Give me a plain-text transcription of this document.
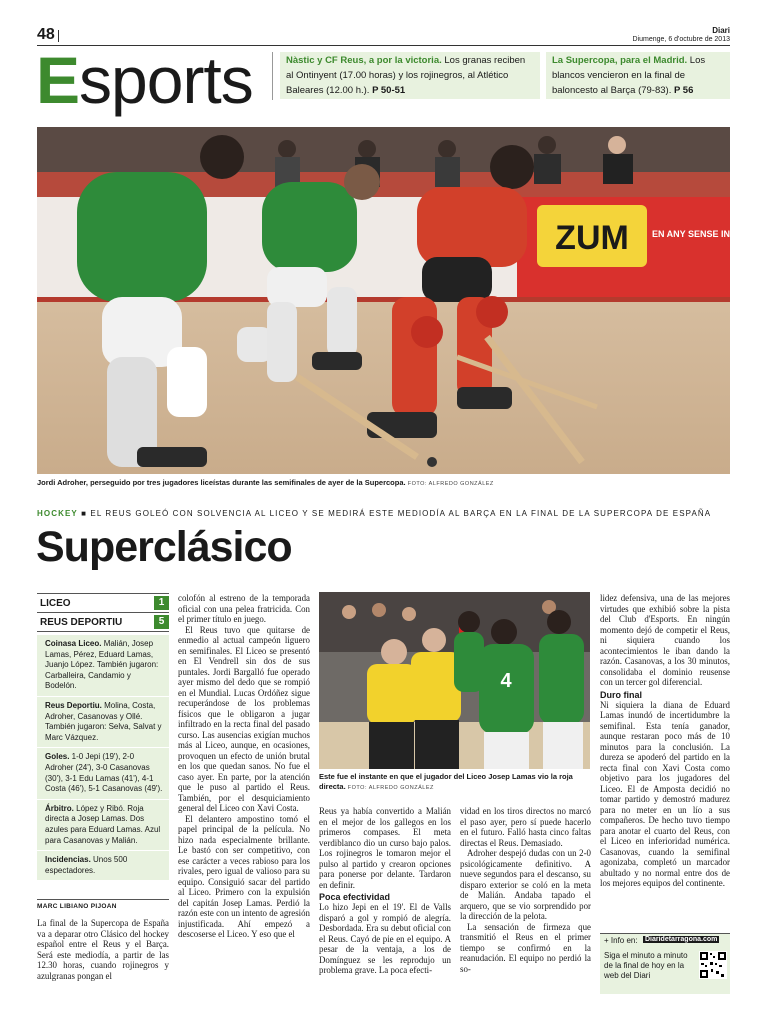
48	Diari
Diumenge, 6 d'octubre de 2013
Esports	Nàstic y CF Reus, a por la victoria. Los granas reciben al Ontinyent (17.00 horas) y los rojinegros, al Atlético Baleares (12.00 h.). P 50-51
La Supercopa, para el Madrid. Los blancos vencieron en la final de baloncesto al Barça (79-83). P 56
ZUM	EN ANY SENSE INSECTES
Jordi Adroher, perseguido por tres jugadores liceístas durante las semifinales de ayer de la Supercopa. FOTO: ALFREDO GONZÁLEZ
HOCKEY ■ EL REUS GOLEÓ CON SOLVENCIA AL LICEO Y SE MEDIRÁ ESTE MEDIODÍA AL BARÇA EN LA FINAL DE LA SUPERCOPA DE ESPAÑA
Superclásico
LICEO	1
REUS DEPORTIU	5
Coinasa Liceo. Malián, Josep Lamas, Pérez, Eduard Lamas, Juanjo López. También jugaron: Carballeira, Candamio y Bodelón.
Reus Deportiu. Molina, Costa, Adroher, Casanovas y Ollé. También jugaron: Selva, Salvat y Marc Vázquez.
Goles. 1-0 Jepi (19'), 2-0 Adroher (24'), 3-0 Casanovas (30'), 3-1 Edu Lamas (41'), 4-1 Costa (46'), 5-1 Casanovas (49').
Árbitro. López y Ribó. Roja directa a Josep Lamas. Dos azules para Eduard Lamas. Azul para Casanovas y Malián.
Incidencias. Unos 500 espectadores.
MARC LIBIANO PIJOAN

La final de la Supercopa de España va a deparar otro Clásico del hockey español entre el Reus y el Barça. Será este mediodía, a partir de las 12.30 horas, cuando rojinegros y azulgranas pongan el

colofón al estreno de la temporada oficial con una pelea fratricida. Con el primer título en juego.

El Reus tuvo que quitarse de enmedio al actual campeón liguero en semifinales. El Liceo se presentó en El Vendrell sin dos de sus puntales. Jordi Bargalló fue operado ayer mismo del dedo que se rompió en el Mundial. Lucas Ordóñez sigue recuperándose de los problemas físicos que le obligaron a jugar infiltrado en la recta final del pasado curso. Las ausencias exigían muchos más al Liceo, aunque, en ocasiones, provoquen un efecto de unión brutal en los que quedan sanos. No fue el caso ayer. En parte, por la atención que le puso al partido el Reus. También, por el desquiciamiento general del Liceo con Xavi Costa.

El delantero ampostino tomó el papel principal de la película. No hizo nada especialmente brillante. Le bastó con ser competitivo, con ese carácter a veces rabioso para los rivales, pero igual de valioso para su equipo. Consiguió sacar del partido al Liceo. Primero con la expulsión del capitán Josep Lamas. Perdió la razón este con un intento de agresión injustificada. Ahí empezó a descoserse el Liceo. Y eso que el

4
Este fue el instante en que el jugador del Liceo Josep Lamas vio la roja directa. FOTO: ALFREDO GONZÁLEZ

Reus ya había convertido a Malián en el mejor de los gallegos en los primeros compases. El meta verdiblanco dio un curso bajo palos. Los rojinegros le tomaron mejor el pulso al partido y crearon opciones para ponerse por delante. Tardaron en definir.

Poca efectividad

Lo hizo Jepi en el 19'. El de Valls disparó a gol y rompió de alegría. Desbordada. Era su debut oficial con el Reus. Cayó de pie en el equipo. A pesar de la ventaja, a los de Domínguez se les reprodujo un problema grave. La poca efecti-

vidad en los tiros directos no marcó el paso ayer, pero sí puede hacerlo en el futuro. Falló hasta cinco faltas directas el Reus. Demasiado.

Adroher despejó dudas con un 2-0 psicológicamente definitivo. A nueve segundos para el descanso, su disparo exterior se coló en la meta de Malián. Andaba tapado el arquero, que se vio sorprendido por la dirección de la pelota.

La sensación de firmeza que transmitió el Reus en el primer tiempo se confirmó en la reanudación. El equipo no perdió la so-

lidez defensiva, una de las mejores virtudes que exhibió sobre la pista del Club d'Esports. En ningún momento dejó de competir el Reus, ni siquiera cuando los acontecimientos le iban dando la razón. Casanovas, a los 30 minutos, consolidaba el dominio reusense con un tercer gol diferencial.

Duro final

Ni siquiera la diana de Eduard Lamas inundó de incertidumbre la semifinal. Esta tenía ganador, aunque restaran poco más de 10 minutos para la conclusión. La dureza se apoderó del partido en la recta final con Xavi Costa como objetivo para los jugadores del Liceo. El de Amposta decidió no tomar partido y demostró madurez para no meter en un lío a sus compañeros. De hecho tuvo tiempo para anotar el cuarto del Reus, con el Liceo en inferioridad numérica. Casanovas, cuando la semifinal agonizaba, completó un marcador abultado y no normal entre dos de los mejores equipos del continente.

+ Info en: Diaridetarragona.com
Siga el minuto a minuto de la final de hoy en la web del Diari
